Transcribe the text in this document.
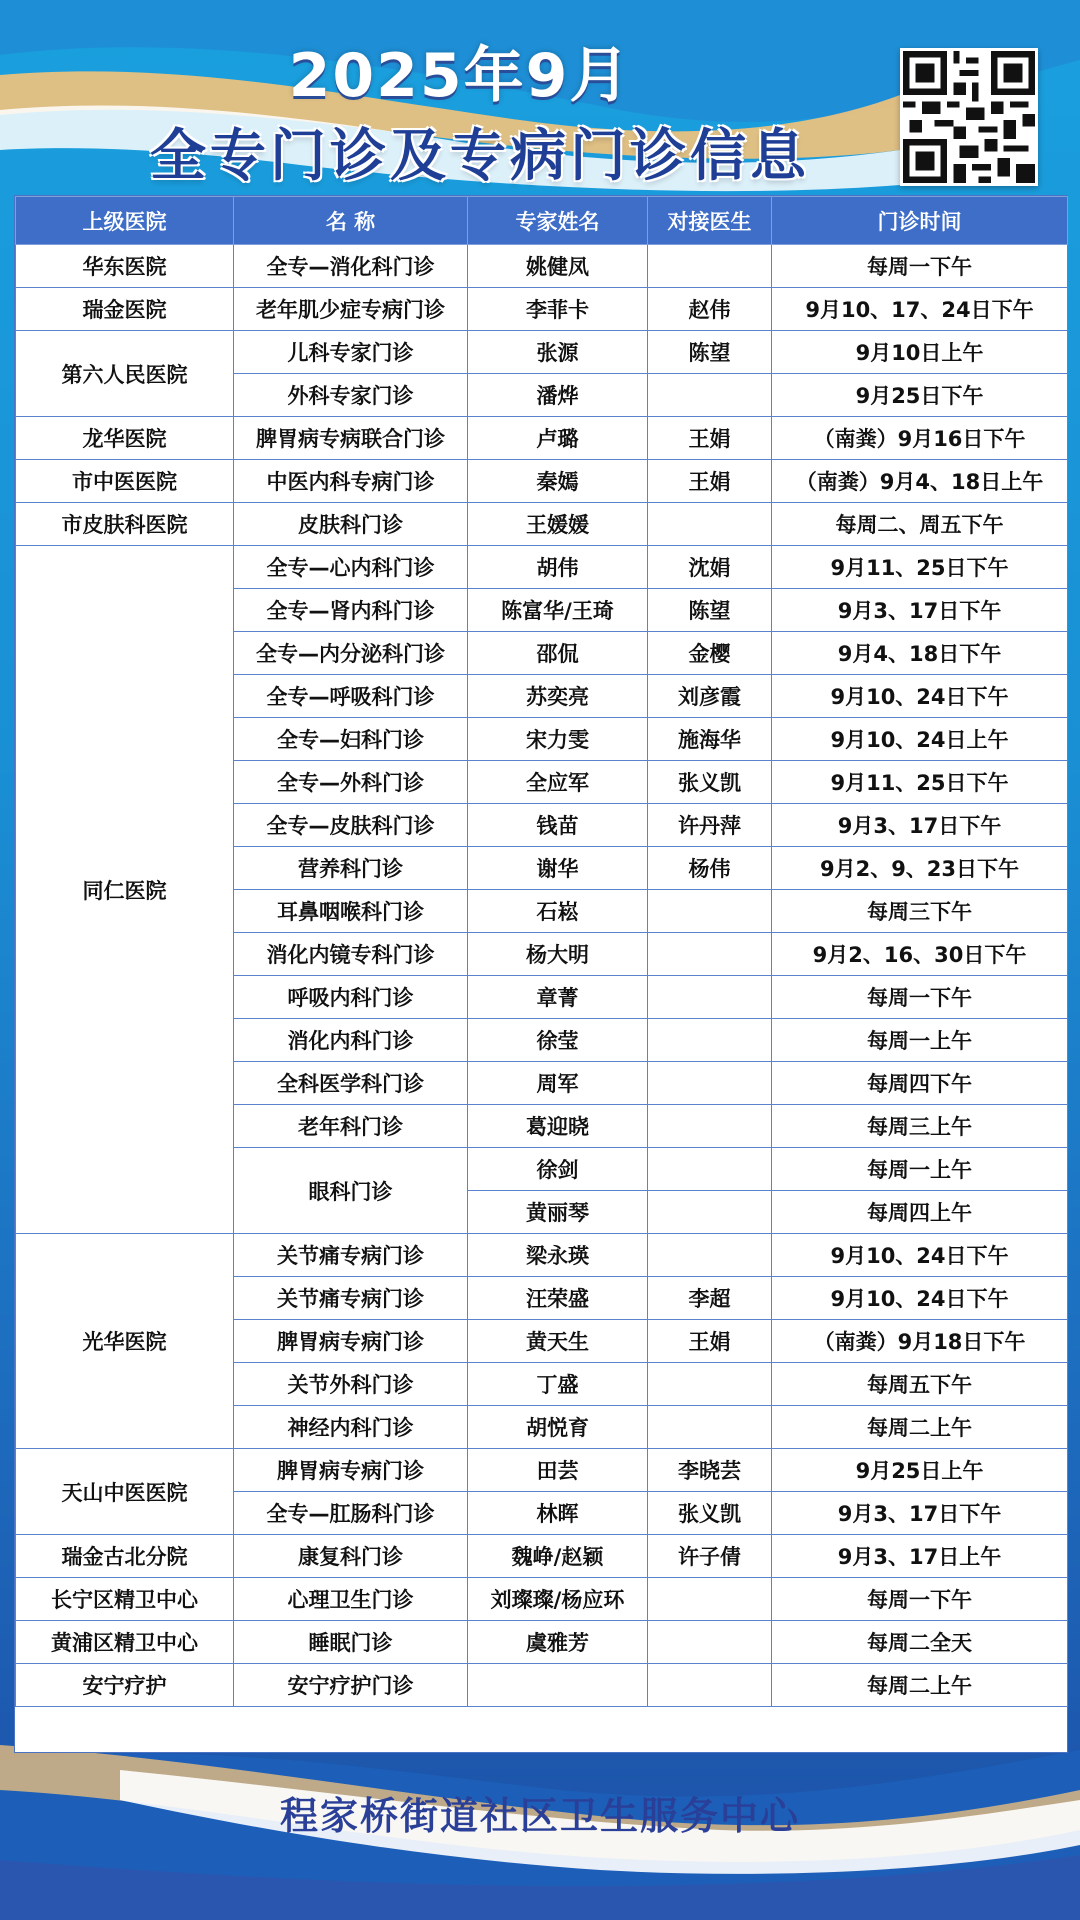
2025年9月
全专门诊及专病门诊信息
上级医院	名 称	专家姓名	对接医生	门诊时间
华东医院	全专—消化科门诊	姚健凤		每周一下午
瑞金医院	老年肌少症专病门诊	李菲卡	赵伟	9月10、17、24日下午
第六人民医院	儿科专家门诊	张源	陈望	9月10日上午
	外科专家门诊	潘烨		9月25日下午
龙华医院	脾胃病专病联合门诊	卢璐	王娟	（南粪）9月16日下午
市中医医院	中医内科专病门诊	秦嫣	王娟	（南粪）9月4、18日上午
市皮肤科医院	皮肤科门诊	王媛媛		每周二、周五下午
同仁医院	全专—心内科门诊	胡伟	沈娟	9月11、25日下午
	全专—肾内科门诊	陈富华/王琦	陈望	9月3、17日下午
	全专—内分泌科门诊	邵侃	金樱	9月4、18日下午
	全专—呼吸科门诊	苏奕亮	刘彦霞	9月10、24日下午
	全专—妇科门诊	宋力雯	施海华	9月10、24日上午
	全专—外科门诊	全应军	张义凯	9月11、25日下午
	全专—皮肤科门诊	钱苗	许丹萍	9月3、17日下午
	营养科门诊	谢华	杨伟	9月2、9、23日下午
	耳鼻咽喉科门诊	石崧		每周三下午
	消化内镜专科门诊	杨大明		9月2、16、30日下午
	呼吸内科门诊	章菁		每周一下午
	消化内科门诊	徐莹		每周一上午
	全科医学科门诊	周军		每周四下午
	老年科门诊	葛迎晓		每周三上午
	眼科门诊	徐剑		每周一上午
		黄丽琴		每周四上午
光华医院	关节痛专病门诊	梁永瑛		9月10、24日下午
	关节痛专病门诊	汪荣盛	李超	9月10、24日下午
	脾胃病专病门诊	黄天生	王娟	（南粪）9月18日下午
	关节外科门诊	丁盛		每周五下午
	神经内科门诊	胡悦育		每周二上午
天山中医医院	脾胃病专病门诊	田芸	李晓芸	9月25日上午
	全专—肛肠科门诊	林晖	张义凯	9月3、17日下午
瑞金古北分院	康复科门诊	魏峥/赵颖	许子倩	9月3、17日上午
长宁区精卫中心	心理卫生门诊	刘璨璨/杨应环		每周一下午
黄浦区精卫中心	睡眠门诊	虞雅芳		每周二全天
安宁疗护	安宁疗护门诊			每周二上午
程家桥街道社区卫生服务中心
